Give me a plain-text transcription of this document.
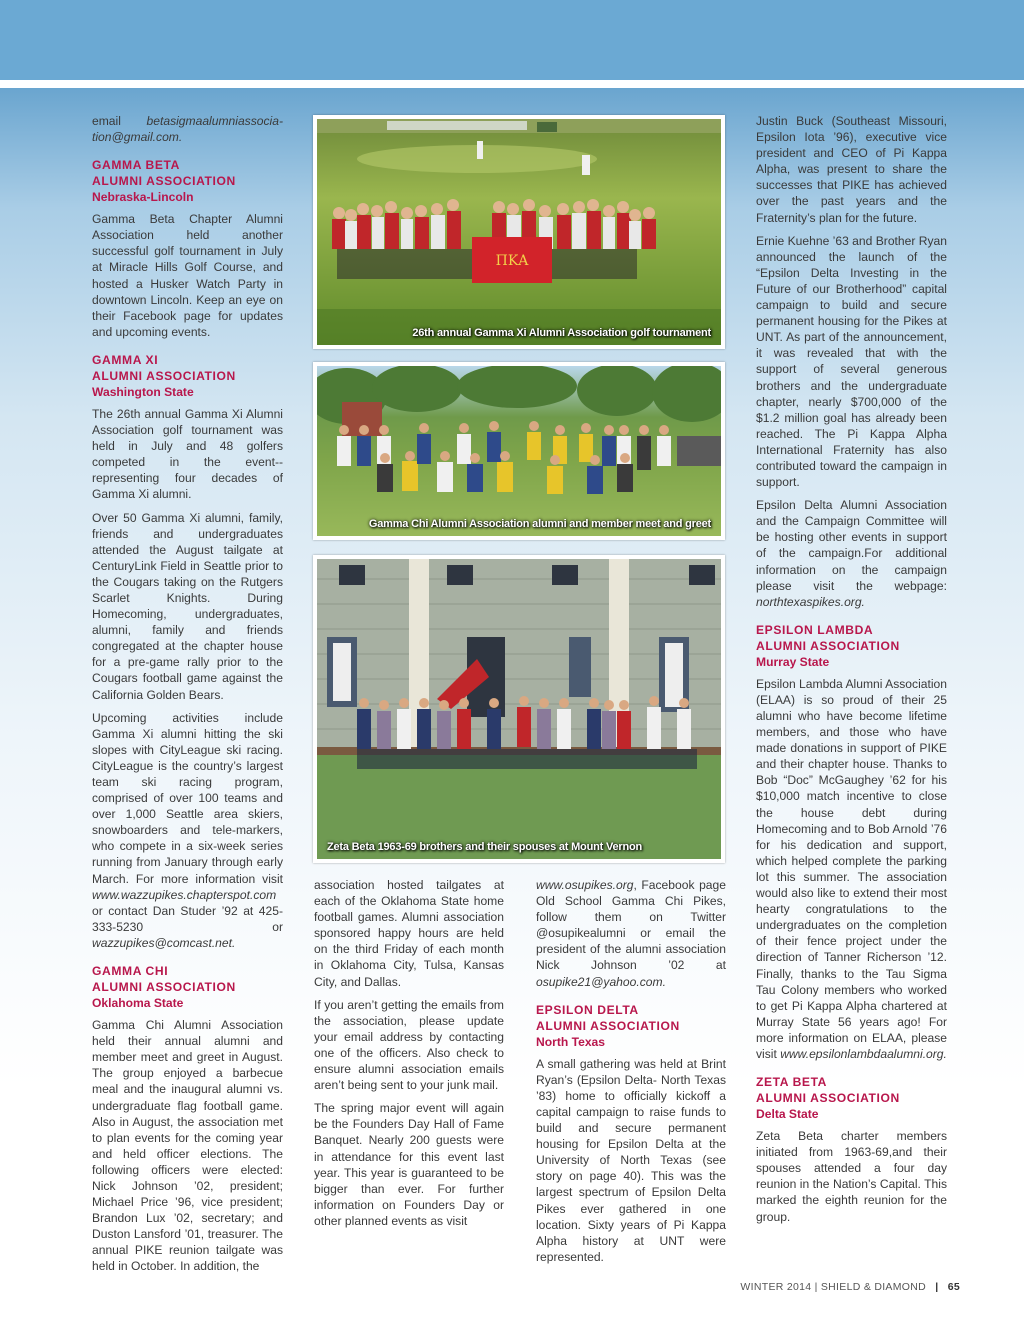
email betasigmaalumniassocia-tion@gmail.com.

GAMMA BETA
ALUMNI ASSOCIATION
Nebraska-Lincoln

Gamma Beta Chapter Alumni Association held another successful golf tournament in July at Miracle Hills Golf Course, and hosted a Husker Watch Party in downtown Lincoln. Keep an eye on their Facebook page for updates and upcoming events.

GAMMA XI
ALUMNI ASSOCIATION
Washington State

The 26th annual Gamma Xi Alumni Association golf tournament was held in July and 48 golfers competed in the event--representing four decades of Gamma Xi alumni.

Over 50 Gamma Xi alumni, family, friends and undergraduates attended the August tailgate at CenturyLink Field in Seattle prior to the Cougars taking on the Rutgers Scarlet Knights. During Homecoming, undergraduates, alumni, family and friends congregated at the chapter house for a pre-game rally prior to the Cougars football game against the California Golden Bears.

Upcoming activities include Gamma Xi alumni hitting the ski slopes with CityLeague ski racing. CityLeague is the country’s largest team ski racing program, comprised of over 100 teams and over 1,000 Seattle area skiers, snowboarders and tele-markers, who compete in a six-week series running from January through early March. For more information visit www.wazzupikes.chapterspot.com or contact Dan Studer ’92 at 425-333-5230 or wazzupikes@comcast.net.

GAMMA CHI
ALUMNI ASSOCIATION
Oklahoma State

Gamma Chi Alumni Association held their annual alumni and member meet and greet in August. The group enjoyed a barbecue meal and the inaugural alumni vs. undergraduate flag football game. Also in August, the association met to plan events for the coming year and held officer elections. The following officers were elected: Nick Johnson ’02, president; Michael Price ’96, vice president; Brandon Lux ’02, secretary; and Duston Lansford ’01, treasurer. The annual PIKE reunion tailgate was held in October. In addition, the

ΠΚΑ
26th annual Gamma Xi Alumni Association golf tournament
Gamma Chi Alumni Association alumni and member meet and greet
Zeta Beta 1963-69 brothers and their spouses at Mount Vernon

association hosted tailgates at each of the Oklahoma State home football games. Alumni association sponsored happy hours are held on the third Friday of each month in Oklahoma City, Tulsa, Kansas City, and Dallas.

If you aren’t getting the emails from the association, please update your email address by contacting one of the officers. Also check to ensure alumni association emails aren’t being sent to your junk mail.

The spring major event will again be the Founders Day Hall of Fame Banquet. Nearly 200 guests were in attendance for this event last year. This year is guaranteed to be bigger than ever. For further information on Founders Day or other planned events as visit

www.osupikes.org, Facebook page Old School Gamma Chi Pikes, follow them on Twitter @osupikealumni or email the president of the alumni association Nick Johnson ’02 at osupike21@yahoo.com.

EPSILON DELTA
ALUMNI ASSOCIATION
North Texas

A small gathering was held at Brint Ryan’s (Epsilon Delta- North Texas ’83) home to officially kickoff a capital campaign to raise funds to build and secure permanent housing for Epsilon Delta at the University of North Texas (see story on page 40). This was the largest spectrum of Epsilon Delta Pikes ever gathered in one location. Sixty years of Pi Kappa Alpha history at UNT were represented.

Justin Buck (Southeast Missouri, Epsilon Iota ’96), executive vice president and CEO of Pi Kappa Alpha, was present to share the successes that PIKE has achieved over the past years and the Fraternity’s plan for the future.

Ernie Kuehne ’63 and Brother Ryan announced the launch of the “Epsilon Delta Investing in the Future of our Brotherhood” capital campaign to build and secure permanent housing for the Pikes at UNT. As part of the announcement, it was revealed that with the support of several generous brothers and the undergraduate chapter, nearly $700,000 of the $1.2 million goal has already been reached. The Pi Kappa Alpha International Fraternity has also contributed toward the campaign in support.

Epsilon Delta Alumni Association and the Campaign Committee will be hosting other events in support of the campaign.For additional information on the campaign please visit the webpage: northtexaspikes.org.

EPSILON LAMBDA
ALUMNI ASSOCIATION
Murray State

Epsilon Lambda Alumni Association (ELAA) is so proud of their 25 alumni who have become lifetime members, and those who have made donations in support of PIKE and their chapter house. Thanks to Bob “Doc” McGaughey ’62 for his $10,000 match incentive to close the house debt during Homecoming and to Bob Arnold ’76 for his dedication and support, which helped complete the parking lot this summer. The association would also like to extend their most hearty congratulations to the undergraduates on the completion of their fence project under the direction of Tanner Richerson ’12. Finally, thanks to the Tau Sigma Tau Colony members who worked to get Pi Kappa Alpha chartered at Murray State 56 years ago! For more information on ELAA, please visit www.epsilonlambdaalumni.org.

ZETA BETA
ALUMNI ASSOCIATION
Delta State

Zeta Beta charter members initiated from 1963-69,and their spouses attended a four day reunion in the Nation’s Capital. This marked the eighth reunion for the group.

WINTER 2014 | SHIELD & DIAMOND | 65
